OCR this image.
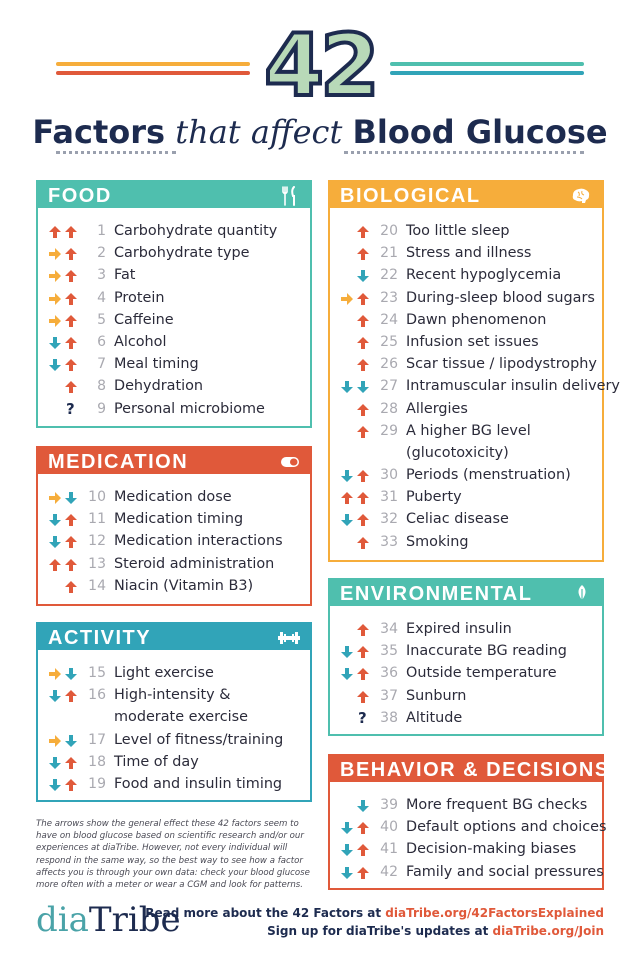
42
Factors that affect Blood Glucose
FOOD
1 Carbohydrate quantity
2 Carbohydrate type
3 Fat
4 Protein
5 Caffeine
6 Alcohol
7 Meal timing
8 Dehydration
?	9 Personal microbiome
MEDICATION
10 Medication dose
11 Medication timing
12 Medication interactions
13 Steroid administration
14 Niacin (Vitamin B3)
ACTIVITY
15 Light exercise
16 High-intensity &
moderate exercise
17 Level of fitness/training
18 Time of day
19 Food and insulin timing
BIOLOGICAL
20 Too little sleep
21 Stress and illness
22 Recent hypoglycemia
23 During-sleep blood sugars
24 Dawn phenomenon
25 Infusion set issues
26 Scar tissue / lipodystrophy
27 Intramuscular insulin delivery
28 Allergies
29 A higher BG level
(glucotoxicity)
30 Periods (menstruation)
31 Puberty
32 Celiac disease
33 Smoking
ENVIRONMENTAL
34 Expired insulin
35 Inaccurate BG reading
36 Outside temperature
37 Sunburn
? 38 Altitude
BEHAVIOR & DECISIONS
39 More frequent BG checks
40 Default options and choices
41 Decision-making biases
42 Family and social pressures
The arrows show the general effect these 42 factors seem to have on blood glucose based on scientific research and/or our experiences at diaTribe. However, not every individual will respond in the same way, so the best way to see how a factor affects you is through your own data: check your blood glucose more often with a meter or wear a CGM and look for patterns.
diaTribe
Read more about the 42 Factors at diaTribe.org/42FactorsExplained
Sign up for diaTribe's updates at diaTribe.org/Join
